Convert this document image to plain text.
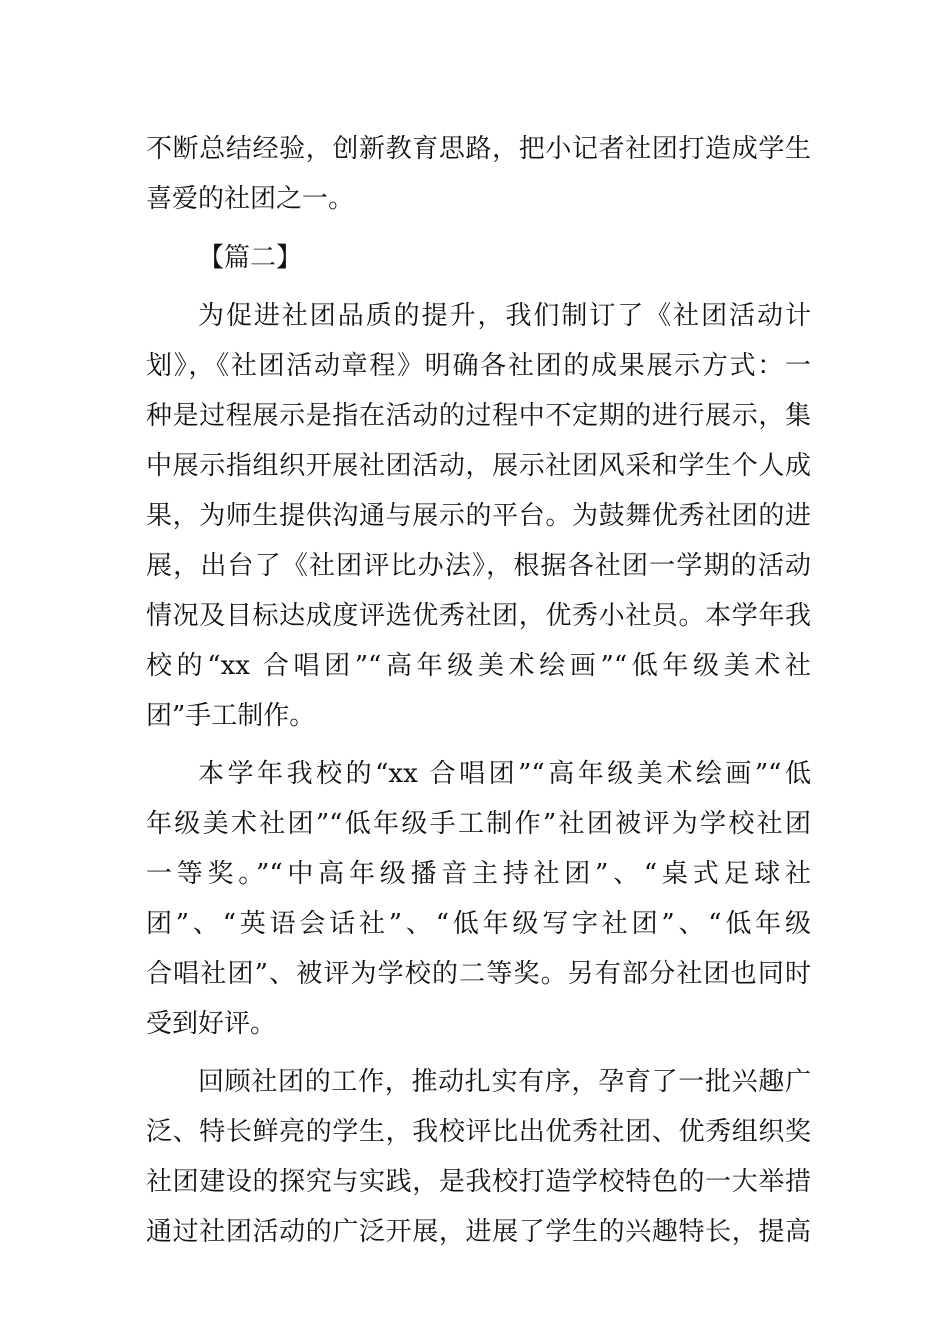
不断总结经验，创新教育思路，把小记者社团打造成学生
喜爱的社团之一。
【篇二】
为促进社团品质的提升，我们制订了《社团活动计
划》，《社团活动章程》明确各社团的成果展示方式：一
种是过程展示是指在活动的过程中不定期的进行展示，集
中展示指组织开展社团活动，展示社团风采和学生个人成
果，为师生提供沟通与展示的平台。为鼓舞优秀社团的进
展，出台了《社团评比办法》，根据各社团一学期的活动
情况及目标达成度评选优秀社团，优秀小社员。本学年我
校的“xx 合唱团”“高年级美术绘画”“低年级美术社
团”手工制作。
本学年我校的“xx 合唱团”“高年级美术绘画”“低
年级美术社团”“低年级手工制作”社团被评为学校社团
一等奖。”“中高年级播音主持社团”、“桌式足球社
团”、“英语会话社”、“低年级写字社团”、“低年级
合唱社团”、被评为学校的二等奖。另有部分社团也同时
受到好评。
回顾社团的工作，推动扎实有序，孕育了一批兴趣广
泛、特长鲜亮的学生，我校评比出优秀社团、优秀组织奖
社团建设的探究与实践，是我校打造学校特色的一大举措
通过社团活动的广泛开展，进展了学生的兴趣特长，提高
